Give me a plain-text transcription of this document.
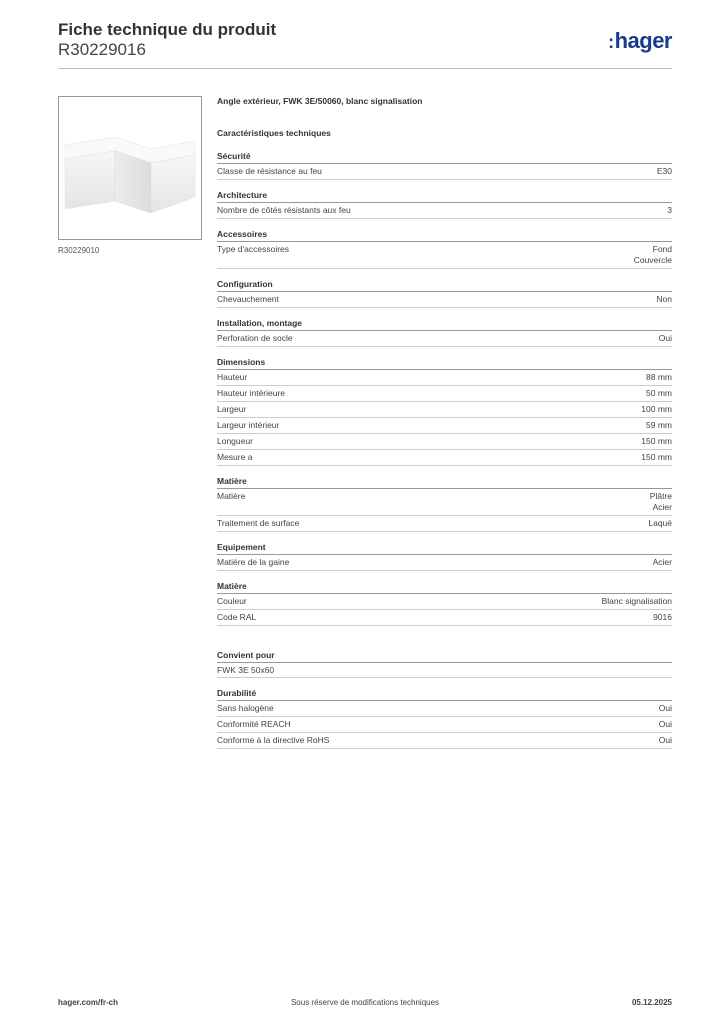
Fiche technique du produit

R30229016	:hager
R30229010

Angle extérieur, FWK 3E/50060, blanc signalisation

Caractéristiques techniques

Sécurité
Classe de résistance au feu	E30
Architecture
Nombre de côtés résistants aux feu	3
Accessoires
Type d'accessoires	Fond
Couvercle
Configuration
Chevauchement	Non
Installation, montage
Perforation de socle	Oui
Dimensions
Hauteur	88 mm
Hauteur intérieure	50 mm
Largeur	100 mm
Largeur intérieur	59 mm
Longueur	150 mm
Mesure a	150 mm
Matière
Matière	Plâtre
Acier
Traitement de surface	Laqué
Equipement
Matière de la gaine	Acier
Matière
Couleur	Blanc signalisation
Code RAL	9016
Convient pour
FWK 3E 50x60
Durabilité
Sans halogène	Oui
Conformité REACH	Oui
Conforme à la directive RoHS	Oui
hager.com/fr-ch	Sous réserve de modifications techniques	05.12.2025
